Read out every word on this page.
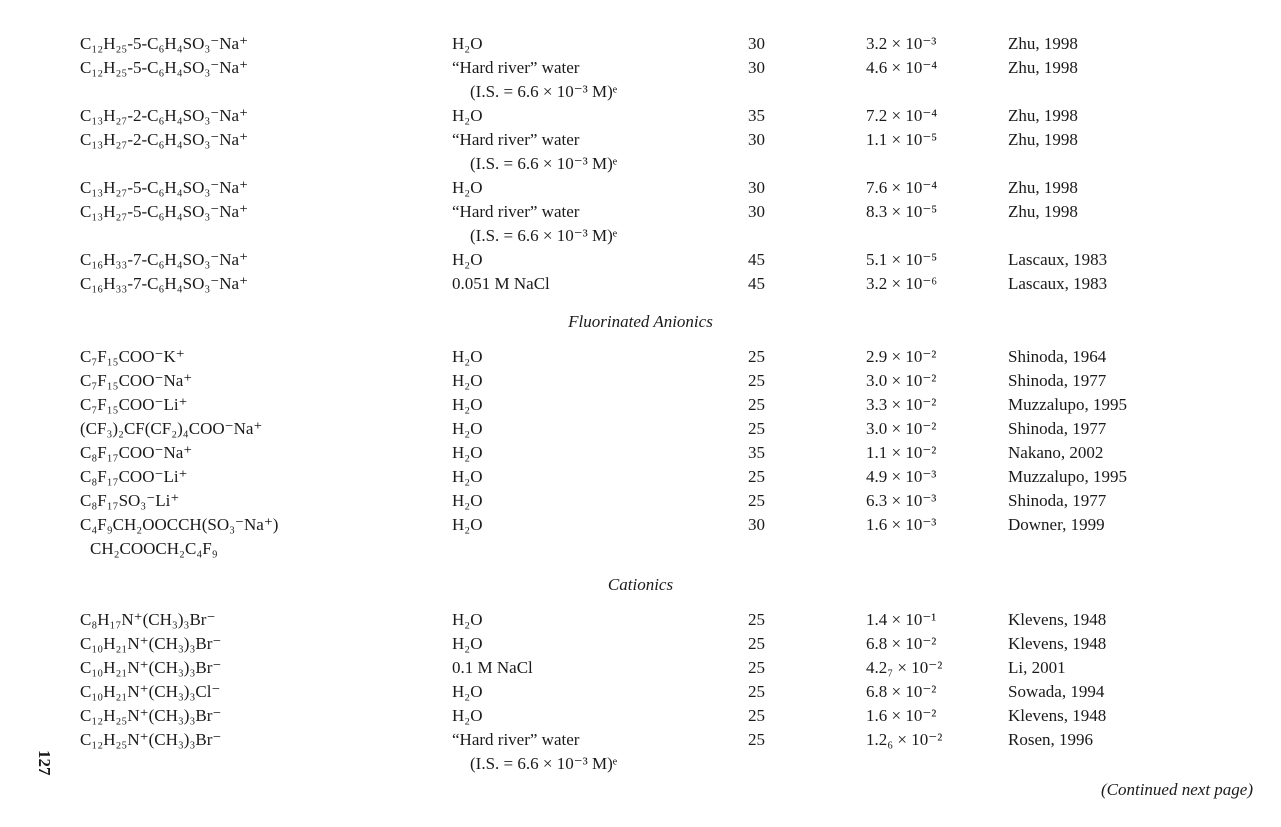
C₁₂H₂₅-5-C₆H₄SO₃⁻Na⁺	H₂O	30	3.2 × 10⁻³	Zhu, 1998
C₁₂H₂₅-5-C₆H₄SO₃⁻Na⁺	“Hard river” water	30	4.6 × 10⁻⁴	Zhu, 1998
(I.S. = 6.6 × 10⁻³ M)ᵉ
C₁₃H₂₇-2-C₆H₄SO₃⁻Na⁺	H₂O	35	7.2 × 10⁻⁴	Zhu, 1998
C₁₃H₂₇-2-C₆H₄SO₃⁻Na⁺	“Hard river” water	30	1.1 × 10⁻⁵	Zhu, 1998
(I.S. = 6.6 × 10⁻³ M)ᵉ
C₁₃H₂₇-5-C₆H₄SO₃⁻Na⁺	H₂O	30	7.6 × 10⁻⁴	Zhu, 1998
C₁₃H₂₇-5-C₆H₄SO₃⁻Na⁺	“Hard river” water	30	8.3 × 10⁻⁵	Zhu, 1998
(I.S. = 6.6 × 10⁻³ M)ᵉ
C₁₆H₃₃-7-C₆H₄SO₃⁻Na⁺	H₂O	45	5.1 × 10⁻⁵	Lascaux, 1983
C₁₆H₃₃-7-C₆H₄SO₃⁻Na⁺	0.051 M NaCl	45	3.2 × 10⁻⁶	Lascaux, 1983
Fluorinated Anionics
C₇F₁₅COO⁻K⁺	H₂O	25	2.9 × 10⁻²	Shinoda, 1964
C₇F₁₅COO⁻Na⁺	H₂O	25	3.0 × 10⁻²	Shinoda, 1977
C₇F₁₅COO⁻Li⁺	H₂O	25	3.3 × 10⁻²	Muzzalupo, 1995
(CF₃)₂CF(CF₂)₄COO⁻Na⁺	H₂O	25	3.0 × 10⁻²	Shinoda, 1977
C₈F₁₇COO⁻Na⁺	H₂O	35	1.1 × 10⁻²	Nakano, 2002
C₈F₁₇COO⁻Li⁺	H₂O	25	4.9 × 10⁻³	Muzzalupo, 1995
C₈F₁₇SO₃⁻Li⁺	H₂O	25	6.3 × 10⁻³	Shinoda, 1977
C₄F₉CH₂OOCCH(SO₃⁻Na⁺)	H₂O	30	1.6 × 10⁻³	Downer, 1999
CH₂COOCH₂C₄F₉
Cationics
C₈H₁₇N⁺(CH₃)₃Br⁻	H₂O	25	1.4 × 10⁻¹	Klevens, 1948
C₁₀H₂₁N⁺(CH₃)₃Br⁻	H₂O	25	6.8 × 10⁻²	Klevens, 1948
C₁₀H₂₁N⁺(CH₃)₃Br⁻	0.1 M NaCl	25	4.2₇ × 10⁻²	Li, 2001
C₁₀H₂₁N⁺(CH₃)₃Cl⁻	H₂O	25	6.8 × 10⁻²	Sowada, 1994
C₁₂H₂₅N⁺(CH₃)₃Br⁻	H₂O	25	1.6 × 10⁻²	Klevens, 1948
C₁₂H₂₅N⁺(CH₃)₃Br⁻	“Hard river” water	25	1.2₆ × 10⁻²	Rosen, 1996
(I.S. = 6.6 × 10⁻³ M)ᵉ
127
(Continued next page)
